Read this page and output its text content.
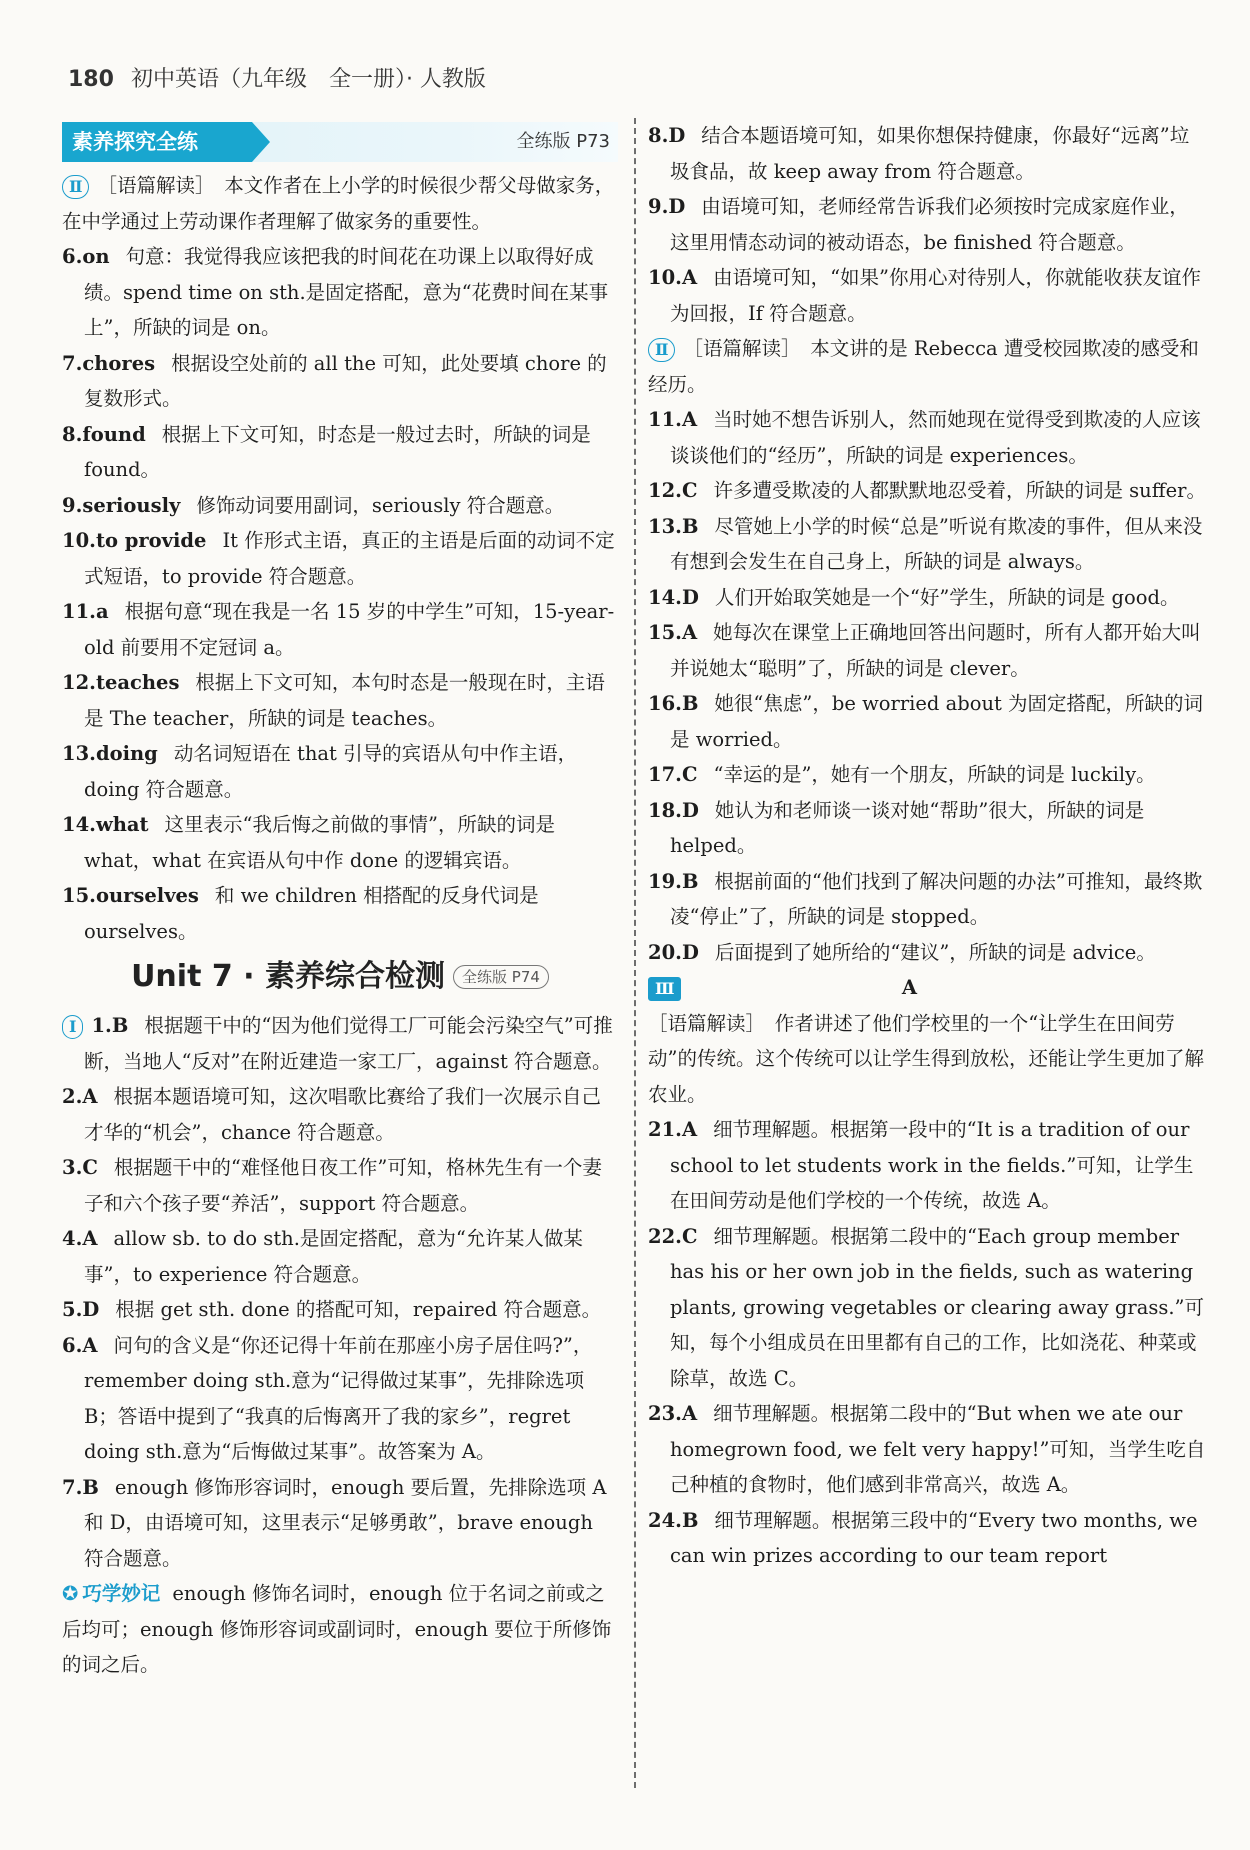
180 初中英语（九年级　全一册）· 人教版
素养探究全练	全练版 P73

Ⅱ ［语篇解读］　本文作者在上小学的时候很少帮父母做家务，在中学通过上劳动课作者理解了做家务的重要性。

6.on 句意：我觉得我应该把我的时间花在功课上以取得好成绩。spend time on sth.是固定搭配，意为“花费时间在某事上”，所缺的词是 on。

7.chores 根据设空处前的 all the 可知，此处要填 chore 的复数形式。

8.found 根据上下文可知，时态是一般过去时，所缺的词是 found。

9.seriously 修饰动词要用副词，seriously 符合题意。

10.to provide It 作形式主语，真正的主语是后面的动词不定式短语，to provide 符合题意。

11.a 根据句意“现在我是一名 15 岁的中学生”可知，15-year-old 前要用不定冠词 a。

12.teaches 根据上下文可知，本句时态是一般现在时，主语是 The teacher，所缺的词是 teaches。

13.doing 动名词短语在 that 引导的宾语从句中作主语，doing 符合题意。

14.what 这里表示“我后悔之前做的事情”，所缺的词是 what，what 在宾语从句中作 done 的逻辑宾语。

15.ourselves 和 we children 相搭配的反身代词是 ourselves。

Unit 7 · 素养综合检测 全练版 P74

Ⅰ 1.B 根据题干中的“因为他们觉得工厂可能会污染空气”可推断，当地人“反对”在附近建造一家工厂，against 符合题意。

2.A 根据本题语境可知，这次唱歌比赛给了我们一次展示自己才华的“机会”，chance 符合题意。

3.C 根据题干中的“难怪他日夜工作”可知，格林先生有一个妻子和六个孩子要“养活”，support 符合题意。

4.A allow sb. to do sth.是固定搭配，意为“允许某人做某事”，to experience 符合题意。

5.D 根据 get sth. done 的搭配可知，repaired 符合题意。

6.A 问句的含义是“你还记得十年前在那座小房子居住吗?”，remember doing sth.意为“记得做过某事”，先排除选项 B；答语中提到了“我真的后悔离开了我的家乡”，regret doing sth.意为“后悔做过某事”。故答案为 A。

7.B enough 修饰形容词时，enough 要后置，先排除选项 A 和 D，由语境可知，这里表示“足够勇敢”，brave enough 符合题意。

✪ 巧学妙记 enough 修饰名词时，enough 位于名词之前或之后均可；enough 修饰形容词或副词时，enough 要位于所修饰的词之后。

8.D 结合本题语境可知，如果你想保持健康，你最好“远离”垃圾食品，故 keep away from 符合题意。

9.D 由语境可知，老师经常告诉我们必须按时完成家庭作业，这里用情态动词的被动语态，be finished 符合题意。

10.A 由语境可知，“如果”你用心对待别人，你就能收获友谊作为回报，If 符合题意。

Ⅱ ［语篇解读］　本文讲的是 Rebecca 遭受校园欺凌的感受和经历。

11.A 当时她不想告诉别人，然而她现在觉得受到欺凌的人应该谈谈他们的“经历”，所缺的词是 experiences。

12.C 许多遭受欺凌的人都默默地忍受着，所缺的词是 suffer。

13.B 尽管她上小学的时候“总是”听说有欺凌的事件，但从来没有想到会发生在自己身上，所缺的词是 always。

14.D 人们开始取笑她是一个“好”学生，所缺的词是 good。

15.A 她每次在课堂上正确地回答出问题时，所有人都开始大叫并说她太“聪明”了，所缺的词是 clever。

16.B 她很“焦虑”，be worried about 为固定搭配，所缺的词是 worried。

17.C “幸运的是”，她有一个朋友，所缺的词是 luckily。

18.D 她认为和老师谈一谈对她“帮助”很大，所缺的词是 helped。

19.B 根据前面的“他们找到了解决问题的办法”可推知，最终欺凌“停止”了，所缺的词是 stopped。

20.D 后面提到了她所给的“建议”，所缺的词是 advice。

Ⅲ	A

［语篇解读］　作者讲述了他们学校里的一个“让学生在田间劳动”的传统。这个传统可以让学生得到放松，还能让学生更加了解农业。

21.A 细节理解题。根据第一段中的“It is a tradition of our school to let students work in the fields.”可知，让学生在田间劳动是他们学校的一个传统，故选 A。

22.C 细节理解题。根据第二段中的“Each group member has his or her own job in the fields, such as watering plants, growing vegetables or clearing away grass.”可知，每个小组成员在田里都有自己的工作，比如浇花、种菜或除草，故选 C。

23.A 细节理解题。根据第二段中的“But when we ate our homegrown food, we felt very happy!”可知，当学生吃自己种植的食物时，他们感到非常高兴，故选 A。

24.B 细节理解题。根据第三段中的“Every two months, we can win prizes according to our team report
